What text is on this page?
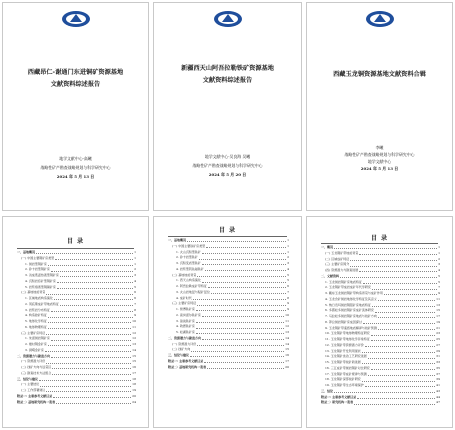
西藏昂仁-谢通门东进铜矿资源基地
文献资料综述报告
地学文献中心-高曦
战略性矿产勘查战略规划与科学研究中心
2024 年 5 月 13 日
新疆西天山阿吾拉勒铁矿资源基地
文献资料综述报告
地学文献中心-吴良海 吴曦
战略性矿产勘查战略规划与科学研究中心
2024 年 5 月 20 日
西藏玉龙铜资源基地文献资料合辑
李曦
战略性矿产勘查战略规划与科学研究中心
地学文献中心
2024 年 5 月 13 日
目 录
一、基地概况	1
(一) 中国主要铜矿床类型	1
1. 斑岩型铜矿床	1
2. 矽卡岩型铜矿床	2
3. 浅成低温热液型铜矿床	3
4. 沉积岩容矿型铜矿床	4
5. 岩浆熔离型铜镍矿床	5
(二) 基地地质背景	6
1. 区域地质构造演化	6
2. 冈底斯成矿带地质特征	7
3. 岩浆岩分布特征	8
4. 构造控矿特征	9
5. 地球化学特征	10
6. 地球物理特征	11
(三) 主要矿床特征	12
1. 朱诺斑岩铜矿床	12
2. 雄村铜金矿床	13
3. 洞嘎金矿床	14
二、资源潜力与勘查方向	15
(一) 资源潜力评价	15
(二) 找矿方向与远景区	16
(三) 勘查技术方法组合	17
三、结论与建议	18
(一) 主要结论	18
(二) 工作部署建议	19
附录一: 主要参考文献目录	20
附录二: 基地研究机构一览表	24
目 录
一、基地概况	1
(一) 中国主要铁矿床类型	1
1. 火山沉积型铁矿	1
2. 矽卡岩型铁矿	2
3. 沉积变质型铁矿	3
4. 岩浆型钒钛磁铁矿	4
(二) 基地地质背景	5
1. 西天山构造演化	5
2. 阿吾拉勒成矿带特征	6
3. 火山岩地层与赋矿层位	7
4. 成矿时代	8
(三) 主要矿床特征	9
1. 智博铁矿床	9
2. 查岗诺尔铁矿床	10
3. 备战铁矿床	11
4. 敦德铁矿床	12
5. 松湖铁矿床	13
二、资源潜力与勘查方向	14
(一) 资源潜力评价	14
(二) 找矿方向	15
三、结论与建议	16
附录一: 主要参考文献目录	17
附录二: 基地研究机构一览表	20
目 录
一、概况	1
(一) 玉龙铜矿带地质背景	1
(二) 区域成矿特征	2
(三) 主要矿床简介	3
(四) 资源潜力与勘查进展	4
二、文献资料	5
1. 玉龙斑岩铜矿床地质特征	5
2. 玉龙铜矿带成岩成矿年代学研究	7
3. 藏东玉龙斑岩铜矿带构造背景与成矿作用	9
4. 玉龙含矿斑岩地球化学特征及其意义	11
5. 纳日贡玛斑岩铜钼矿床地质特征	13
6. 多霞松多斑岩铜矿床成矿流体研究	15
7. 马拉松多斑岩铜矿床地质与找矿方向	17
8. 莽总斑岩铜矿床成因探讨	19
9. 玉龙铜矿带遥感地质解译与找矿预测	21
10. 玉龙铜矿带地球物理特征研究	23
11. 玉龙铜矿带地球化学异常特征	25
12. 玉龙铜矿带资源潜力评价	27
13. 玉龙铜矿开发利用现状	29
14. 玉龙铜矿选冶工艺研究进展	31
15. 玉龙铜矿带找矿新进展	33
16. 三江成矿带斑岩铜矿对比研究	35
17. 玉龙铜矿带成矿规律与预测	37
18. 玉龙铜矿深部找矿研究	39
19. 玉龙铜矿带生态环境保护	41
三、结论	43
附录一: 主要参考文献目录	44
附录二: 研究机构一览表	47
